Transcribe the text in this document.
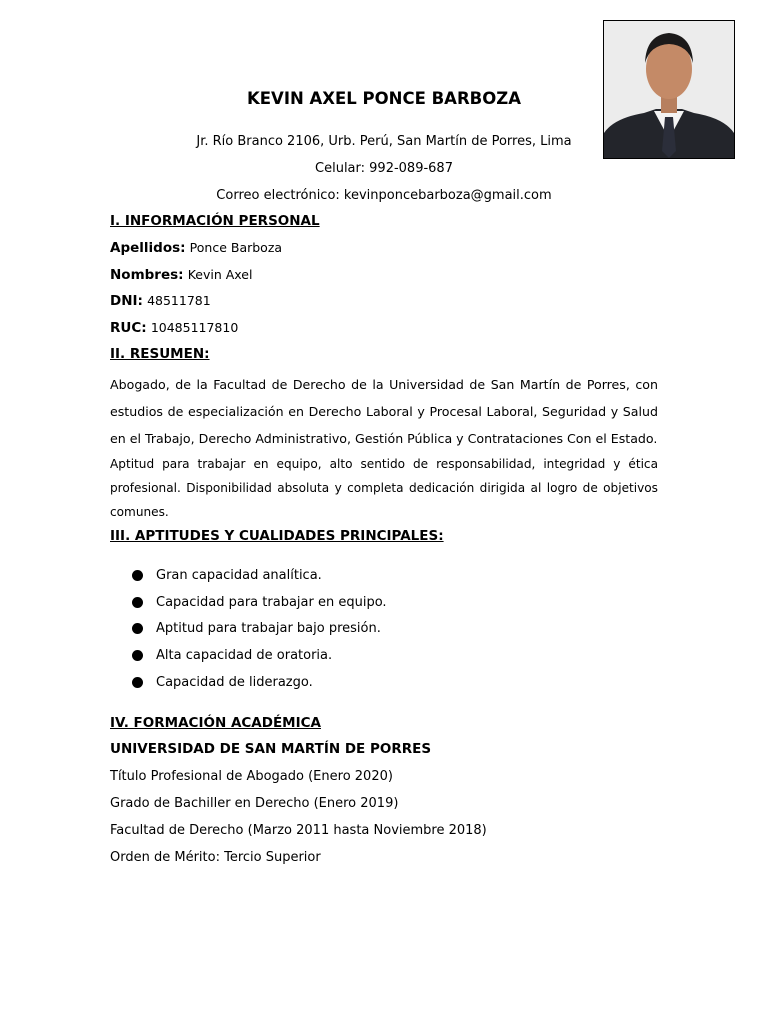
KEVIN AXEL PONCE BARBOZA
Jr. Río Branco 2106, Urb. Perú, San Martín de Porres, Lima
Celular: 992-089-687
Correo electrónico: kevinponcebarboza@gmail.com
I. INFORMACIÓN PERSONAL
Apellidos: Ponce Barboza
Nombres: Kevin Axel
DNI: 48511781
RUC: 10485117810
II. RESUMEN:

Abogado, de la Facultad de Derecho de la Universidad de San Martín de Porres, con estudios de especialización en Derecho Laboral y Procesal Laboral, Seguridad y Salud en el Trabajo, Derecho Administrativo, Gestión Pública y Contrataciones Con el Estado.

Aptitud para trabajar en equipo, alto sentido de responsabilidad, integridad y ética profesional. Disponibilidad absoluta y completa dedicación dirigida al logro de objetivos comunes.

III. APTITUDES Y CUALIDADES PRINCIPALES:
Gran capacidad analítica.
Capacidad para trabajar en equipo.
Aptitud para trabajar bajo presión.
Alta capacidad de oratoria.
Capacidad de liderazgo.
IV. FORMACIÓN ACADÉMICA
UNIVERSIDAD DE SAN MARTÍN DE PORRES
Título Profesional de Abogado (Enero 2020)
Grado de Bachiller en Derecho (Enero 2019)
Facultad de Derecho (Marzo 2011 hasta Noviembre 2018)
Orden de Mérito: Tercio Superior
